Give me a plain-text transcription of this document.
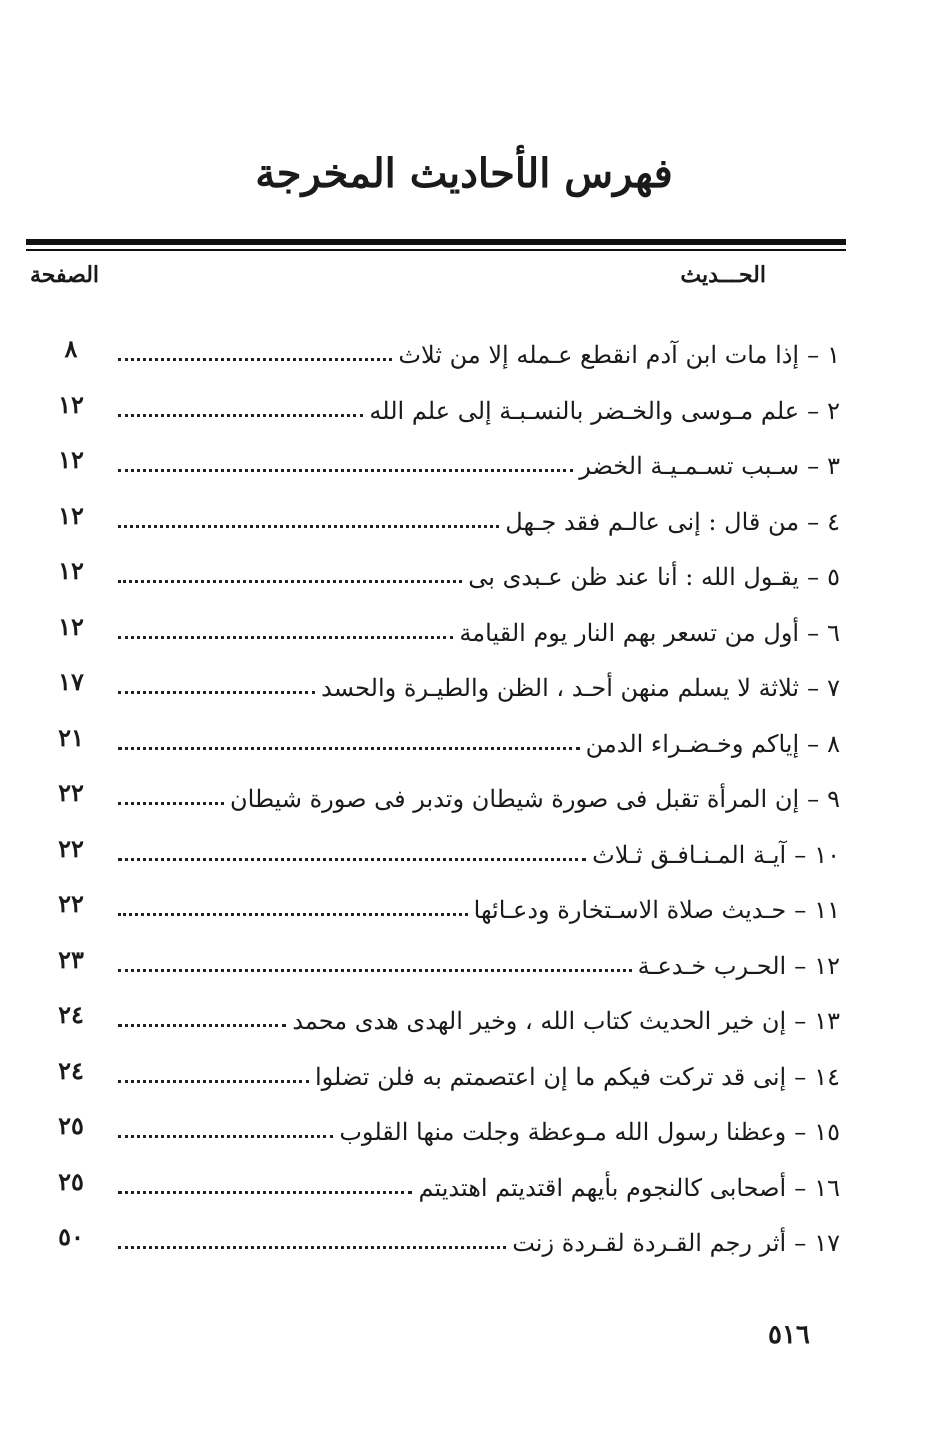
فهرس الأحاديث المخرجة
الحـــديث
الصفحة
١
–
إذا مات ابن آدم انقطع عـمله إلا من ثلاث
٨
٢
–
علم مـوسى والخـضر بالنسـبـة إلى علم الله
١٢
٣
–
سـبب تسـمـيـة الخضر
١٢
٤
–
من قال : إنى عالـم فقد جـهل
١٢
٥
–
يقـول الله : أنا عند ظن عـبدى بى
١٢
٦
–
أول من تسعر بهم النار يوم القيامة
١٢
٧
–
ثلاثة لا يسلم منهن أحـد ، الظن والطيـرة والحسد
١٧
٨
–
إياكم وخـضـراء الدمن
٢١
٩
–
إن المرأة تقبل فى صورة شيطان وتدبر فى صورة شيطان
٢٢
١٠
–
آيـة المـنـافـق ثـلاث
٢٢
١١
–
حـديث صلاة الاسـتخارة ودعـائها
٢٢
١٢
–
الحـرب خـدعـة
٢٣
١٣
–
إن خير الحديث كتاب الله ، وخير الهدى هدى محمد
٢٤
١٤
–
إنى قد تركت فيكم ما إن اعتصمتم به فلن تضلوا
٢٤
١٥
–
وعظنا رسول الله مـوعظة وجلت منها القلوب
٢٥
١٦
–
أصحابى كالنجوم بأيهم اقتديتم اهتديتم
٢٥
١٧
–
أثر رجم القـردة لقـردة زنت
٥٠
٥١٦
